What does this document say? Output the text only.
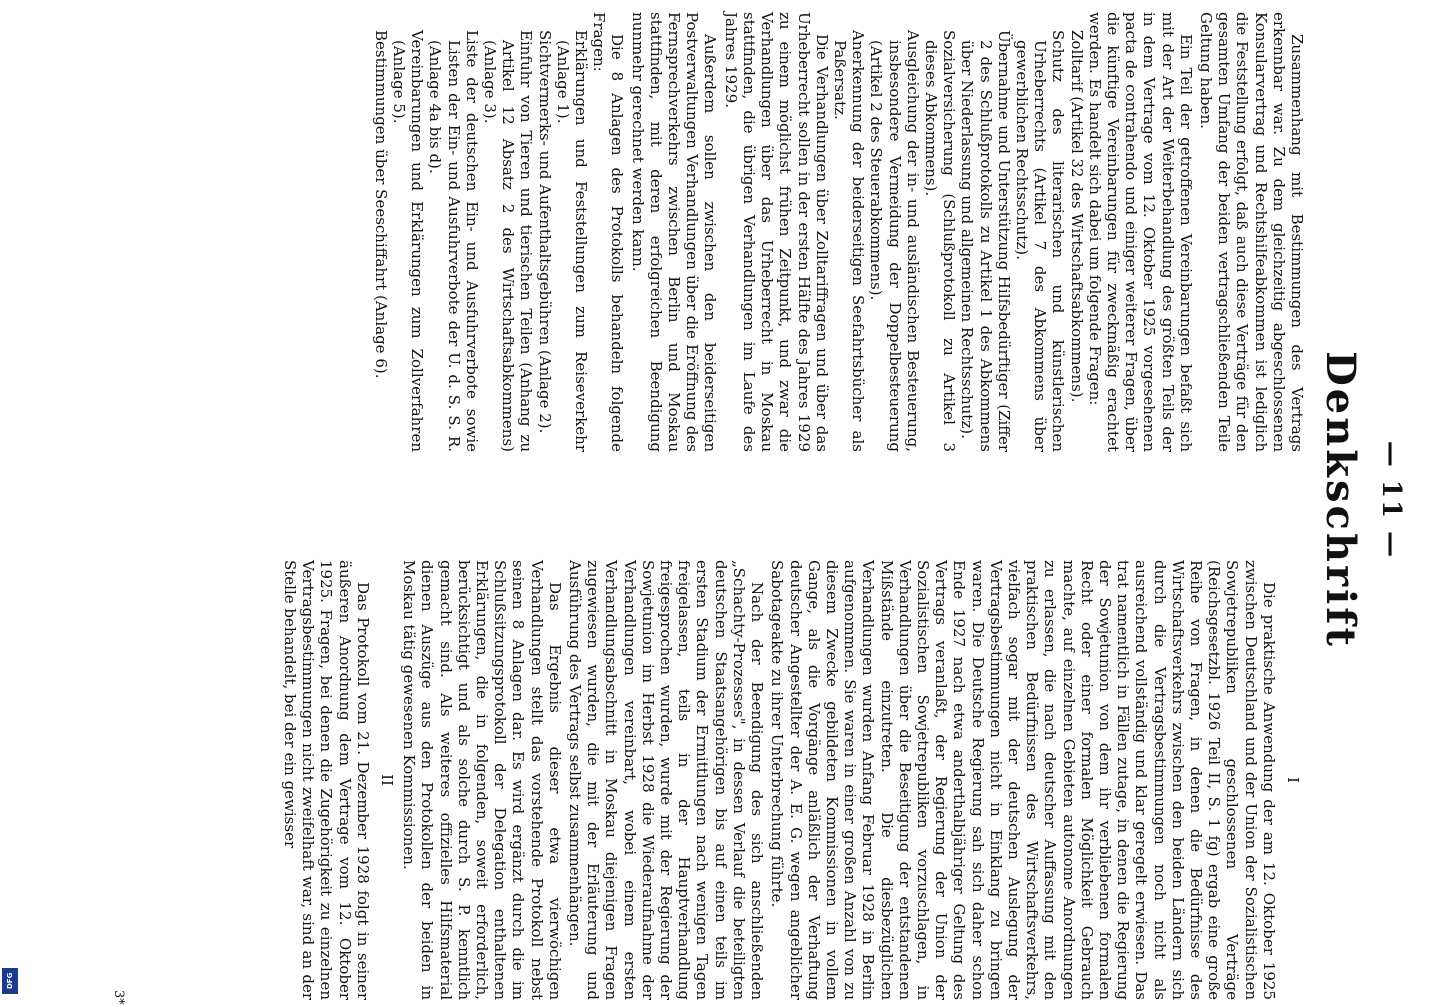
— 11 —
Denkschrift
I

Die praktische Anwendung der am 12. Oktober 1925 zwischen Deutschland und der Union der Sozialistischen Sowjetrepubliken geschlossenen Verträge (Reichsgesetzbl. 1926 Teil II, S. 1 fg) ergab eine große Reihe von Fragen, in denen die Bedürfnisse des Wirtschaftsverkehrs zwischen den beiden Ländern sich durch die Vertragsbestimmungen noch nicht als ausreichend vollständig und klar geregelt erwiesen. Das trat namentlich in Fällen zutage, in denen die Regierung der Sowjetunion von dem ihr verbliebenen formalen Recht oder einer formalen Möglichkeit Gebrauch machte, auf einzelnen Gebieten autonome Anordnungen zu erlassen, die nach deutscher Auffassung mit den praktischen Bedürfnissen des Wirtschaftsverkehrs, vielfach sogar mit der deutschen Auslegung der Vertragsbestimmungen nicht in Einklang zu bringen waren. Die Deutsche Regierung sah sich daher schon Ende 1927 nach etwa anderthalbjähriger Geltung des Vertrags veranlaßt, der Regierung der Union der Sozialistischen Sowjetrepubliken vorzuschlagen, in Verhandlungen über die Beseitigung der entstandenen Mißstände einzutreten. Die diesbezüglichen Verhandlungen wurden Anfang Februar 1928 in Berlin aufgenommen. Sie waren in einer großen Anzahl von zu diesem Zwecke gebildeten Kommissionen in vollem Gange, als die Vorgänge anläßlich der Verhaftung deutscher Angestellter der A. E. G. wegen angeblicher Sabotageakte zu ihrer Unterbrechung führte.

Nach der Beendigung des sich anschließenden „Schachty-Prozesses", in dessen Verlauf die beteiligten deutschen Staatsangehörigen bis auf einen teils im ersten Stadium der Ermittlungen nach wenigen Tagen freigelassen, teils in der Hauptverhandlung freigesprochen wurden, wurde mit der Regierung der Sowjetunion im Herbst 1928 die Wiederaufnahme der Verhandlungen vereinbart, wobei einem ersten Verhandlungsabschnitt in Moskau diejenigen Fragen zugewiesen wurden, die mit der Erläuterung und Ausführung des Vertrags selbst zusammenhängen.

Das Ergebnis dieser etwa vierwöchigen Verhandlungen stellt das vorstehende Protokoll nebst seinen 8 Anlagen dar. Es wird ergänzt durch die im Schlußsitzungsprotokoll der Delegation enthaltenen Erklärungen, die in folgenden, soweit erforderlich, berücksichtigt und als solche durch S. P. kenntlich gemacht sind. Als weiteres offizielles Hilfsmaterial dienen Auszüge aus den Protokollen der beiden in Moskau tätig gewesenen Kommissionen.

II

Das Protokoll vom 21. Dezember 1928 folgt in seiner äußeren Anordnung dem Vertrage vom 12. Oktober 1925. Fragen, bei denen die Zugehörigkeit zu einzelnen Vertragsbestimmungen nicht zweifelhaft war, sind an der Stelle behandelt, bei der ein gewisser

Zusammenhang mit Bestimmungen des Vertrags erkennbar war. Zu dem gleichzeitig abgeschlossenen Konsularvertrag und Rechtshilfeabkommen ist lediglich die Feststellung erfolgt, daß auch diese Verträge für den gesamten Umfang der beiden vertragschließenden Teile Geltung haben.

Ein Teil der getroffenen Vereinbarungen befaßt sich mit der Art der Weiterbehandlung des größten Teils der in dem Vertrage vom 12. Oktober 1925 vorgesehenen pacta de contrahendo und einiger weiterer Fragen, über die künftige Vereinbarungen für zweckmäßig erachtet werden. Es handelt sich dabei um folgende Fragen:

Zolltarif (Artikel 32 des Wirtschaftsabkommens).
Schutz des literarischen und künstlerischen Urheberrechts (Artikel 7 des Abkommens über gewerblichen Rechtsschutz).
Übernahme und Unterstützung Hilfsbedürftiger (Ziffer 2 des Schlußprotokolls zu Artikel 1 des Abkommens über Niederlassung und allgemeinen Rechtsschutz).
Sozialversicherung (Schlußprotokoll zu Artikel 3 dieses Abkommens).
Ausgleichung der in- und ausländischen Besteuerung, insbesondere Vermeidung der Doppelbesteuerung (Artikel 2 des Steuerabkommens).
Anerkennung der beiderseitigen Seefahrtsbücher als Paßersatz.

Die Verhandlungen über Zolltariffragen und über das Urheberrecht sollen in der ersten Hälfte des Jahres 1929 zu einem möglichst frühen Zeitpunkt, und zwar die Verhandlungen über das Urheberrecht in Moskau stattfinden, die übrigen Verhandlungen im Laufe des Jahres 1929.

Außerdem sollen zwischen den beiderseitigen Postverwaltungen Verhandlungen über die Eröffnung des Fernsprechverkehrs zwischen Berlin und Moskau stattfinden, mit deren erfolgreichen Beendigung nunmehr gerechnet werden kann.

Die 8 Anlagen des Protokolls behandeln folgende Fragen:

Erklärungen und Feststellungen zum Reiseverkehr (Anlage 1).
Sichtvermerks- und Aufenthaltsgebühren (Anlage 2).
Einfuhr von Tieren und tierischen Teilen (Anhang zu Artikel 12 Absatz 2 des Wirtschaftsabkommens) (Anlage 3).
Liste der deutschen Ein- und Ausfuhrverbote sowie Listen der Ein- und Ausfuhrverbote der U. d. S. S. R. (Anlage 4a bis d).
Vereinbarungen und Erklärungen zum Zollverfahren (Anlage 5).
Bestimmungen über Seeschiffahrt (Anlage 6).
3*
DFG
